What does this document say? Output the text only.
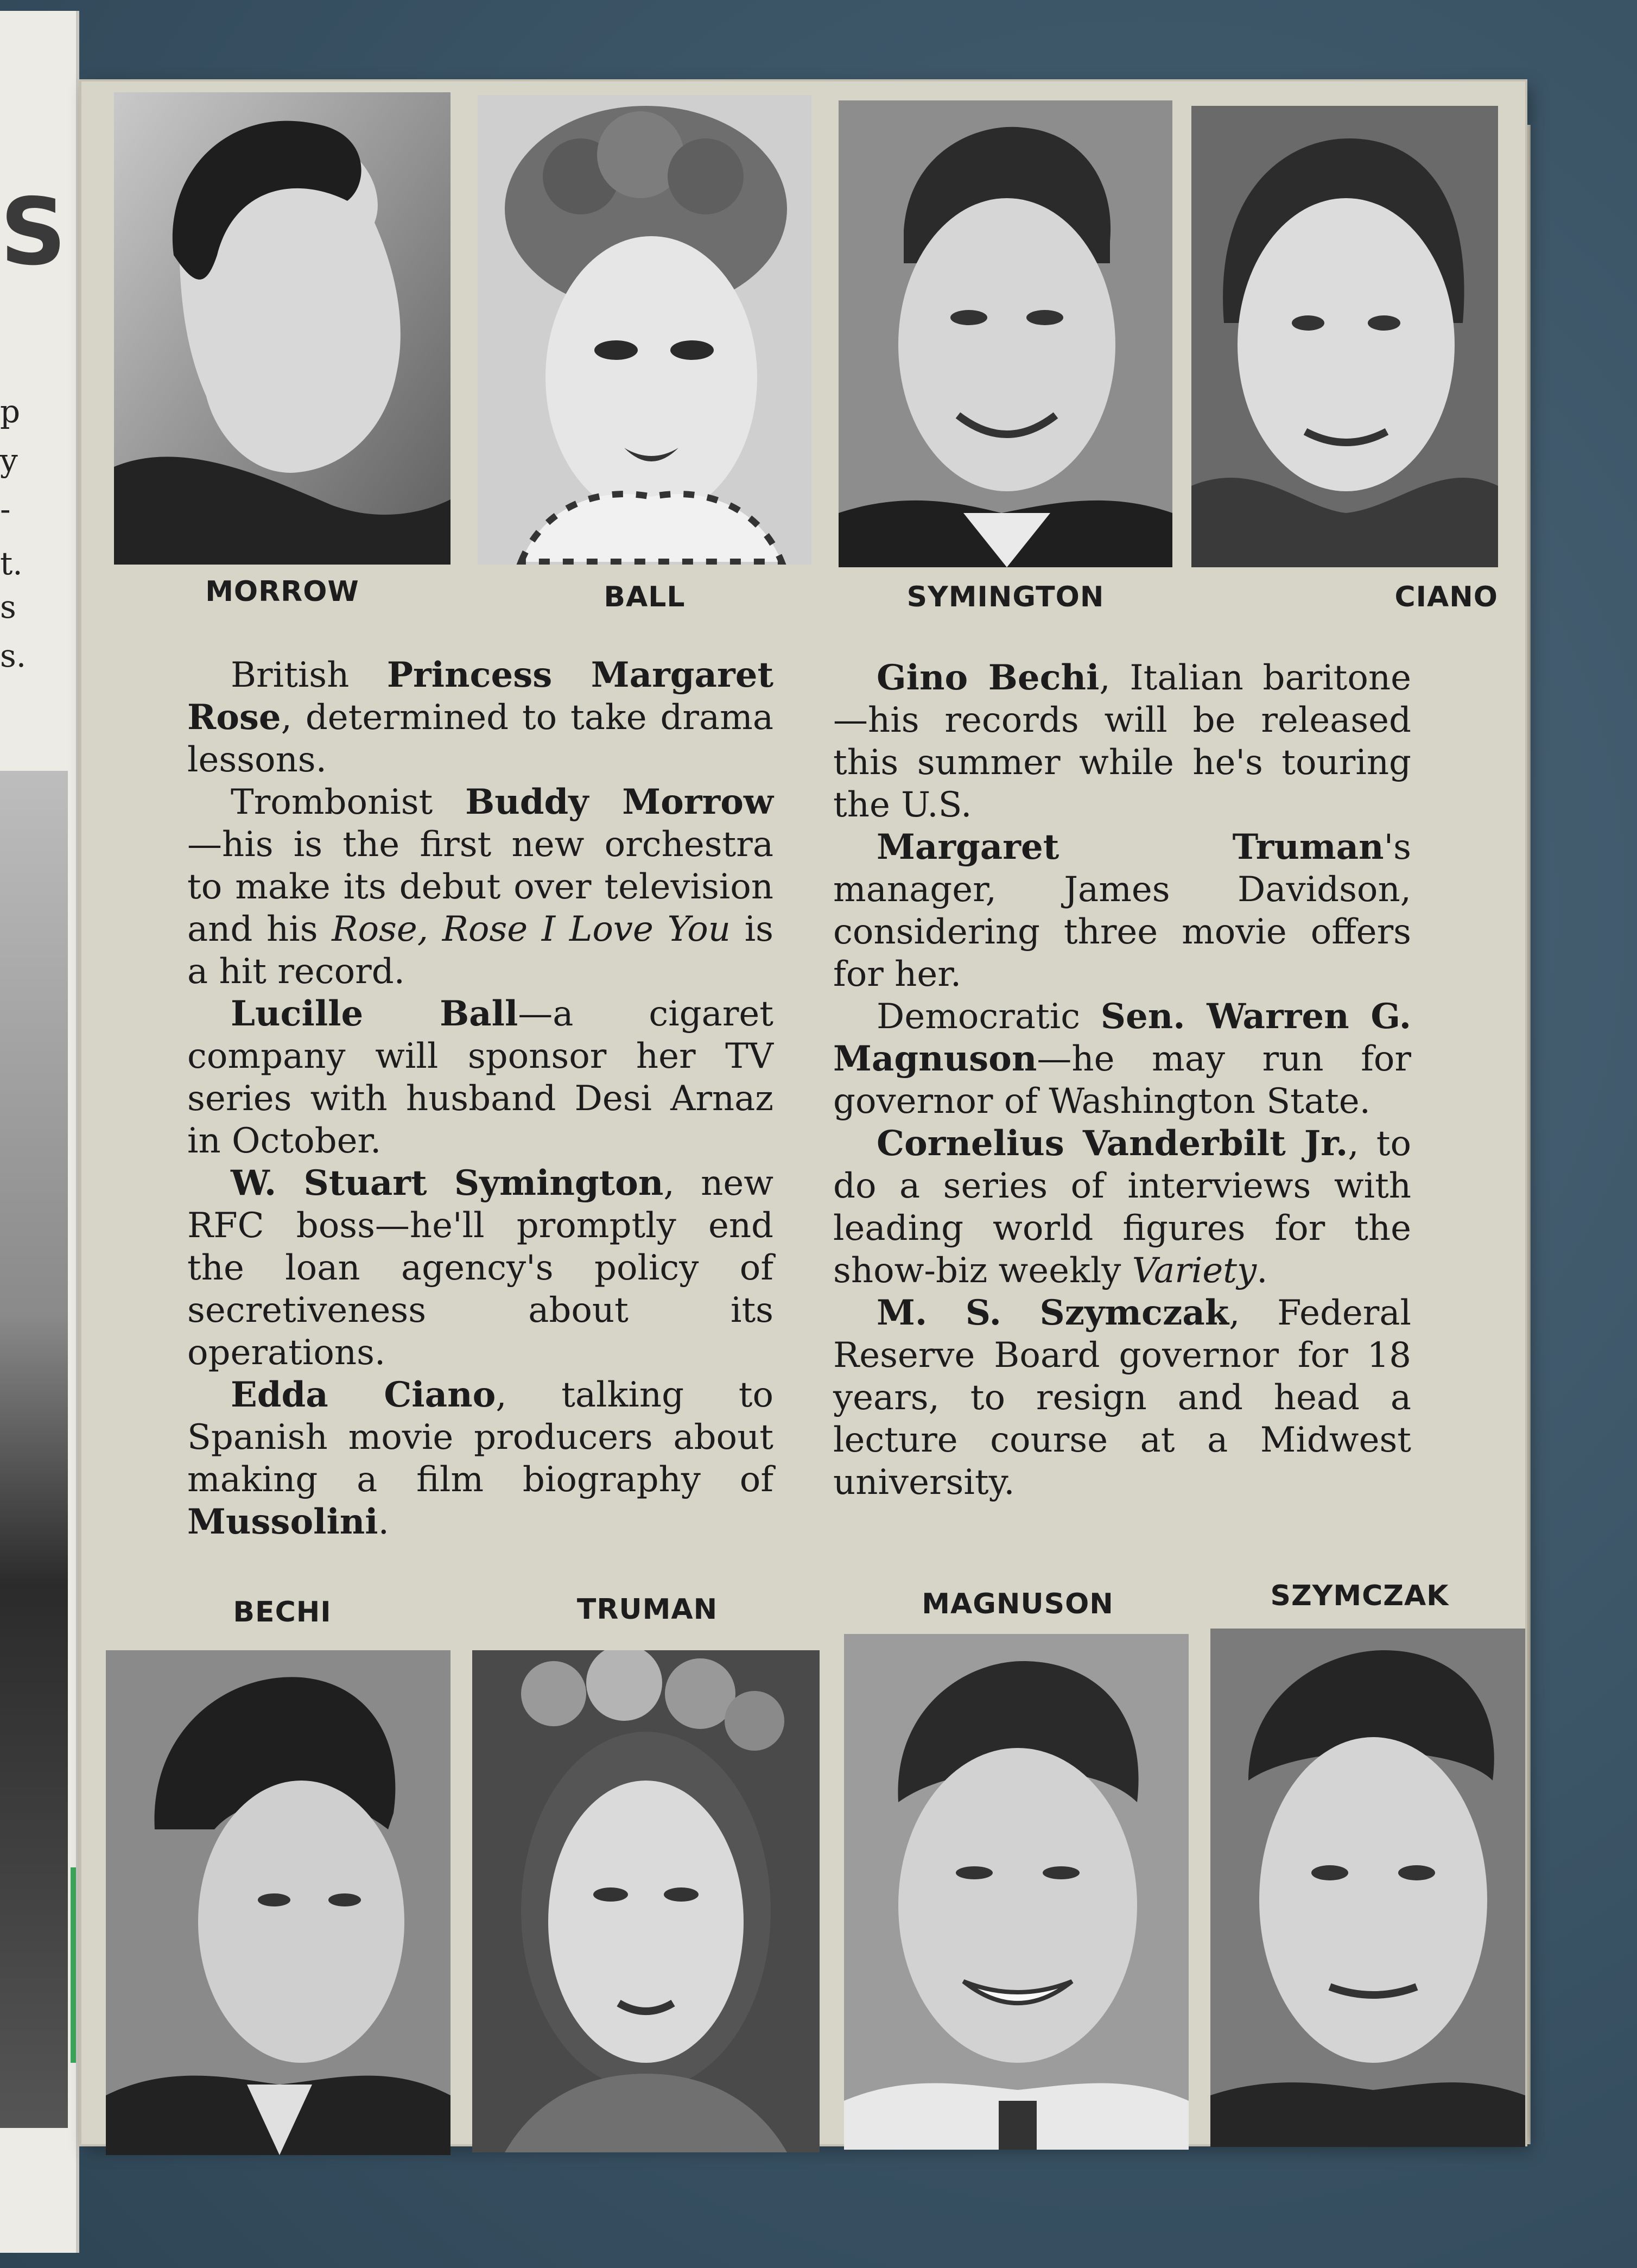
S
p
y
-
t.
s
s.
MORROW	BALL	SYMINGTON	CIANO

British Princess Margaret Rose, determined to take drama lessons.

Trombonist Buddy Morrow —his is the first new orchestra to make its debut over television and his Rose, Rose I Love You is a hit record.

Lucille Ball—a cigaret company will sponsor her TV series with husband Desi Arnaz in October.

W. Stuart Symington, new RFC boss—he'll promptly end the loan agency's policy of secretiveness about its operations.

Edda Ciano, talking to Spanish movie producers about making a film biography of Mussolini.

Gino Bechi, Italian baritone—his records will be released this summer while he's touring the U.S.

Margaret Truman's manager, James Davidson, considering three movie offers for her.

Democratic Sen. Warren G. Magnuson—he may run for governor of Washington State.

Cornelius Vanderbilt Jr., to do a series of interviews with leading world figures for the show-biz weekly Variety.

M. S. Szymczak, Federal Reserve Board governor for 18 years, to resign and head a lecture course at a Midwest university.

BECHI	TRUMAN	MAGNUSON	SZYMCZAK
